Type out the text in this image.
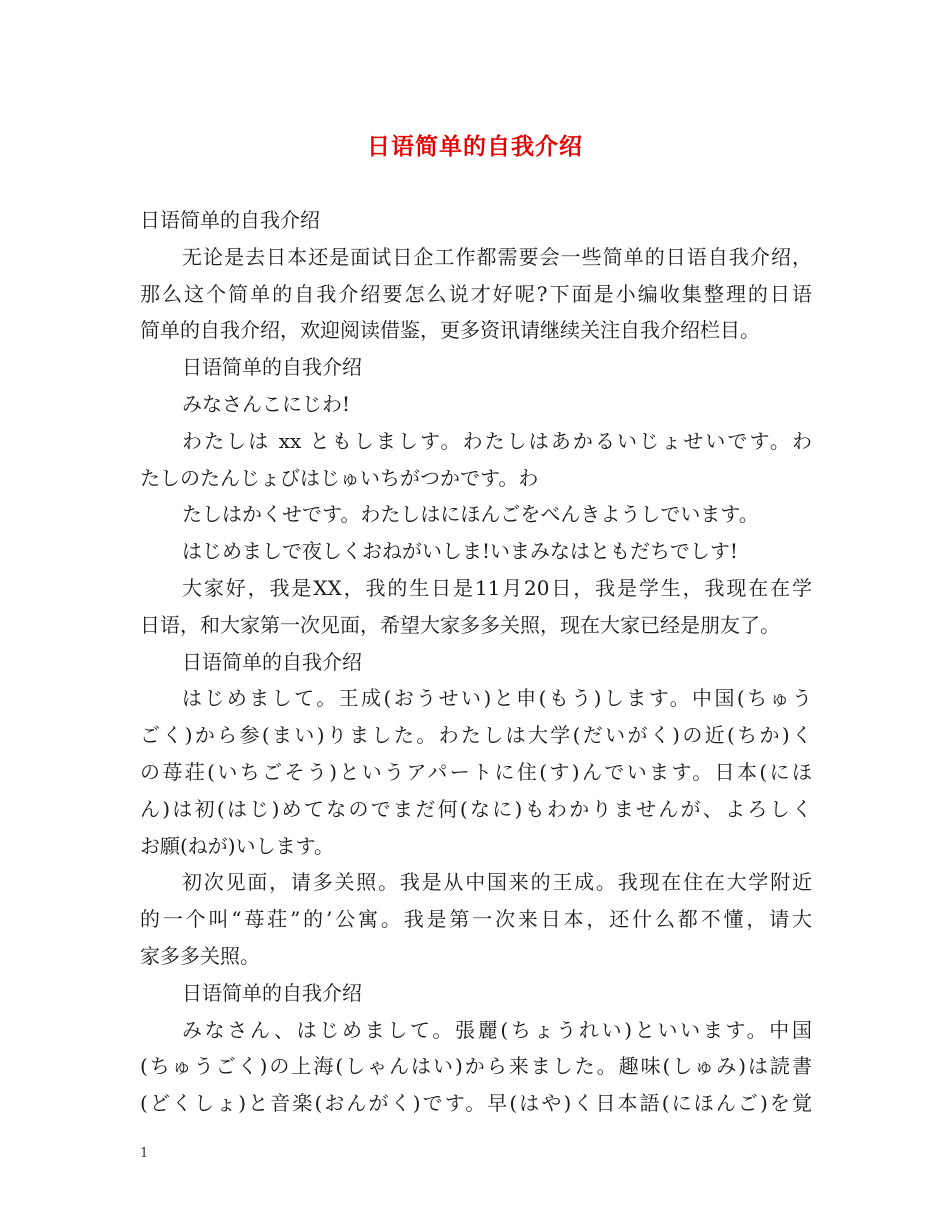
日语简单的自我介绍

日语简单的自我介绍

无论是去日本还是面试日企工作都需要会一些简单的日语自我介绍，

那么这个简单的自我介绍要怎么说才好呢?下面是小编收集整理的日语

简单的自我介绍，欢迎阅读借鉴，更多资讯请继续关注自我介绍栏目。

日语简单的自我介绍

みなさんこにじわ!

わたしは xx ともしましす。わたしはあかるいじょせいです。わ

たしのたんじょびはじゅいちがつかです。わ

たしはかくせです。わたしはにほんごをべんきようしでいます。

はじめましで夜しくおねがいしま!いまみなはともだちでしす!

大家好，我是XX，我的生日是11月20日，我是学生，我现在在学

日语，和大家第一次见面，希望大家多多关照，现在大家已经是朋友了。

日语简单的自我介绍

はじめまして。王成(おうせい)と申(もう)します。中国(ちゅう

ごく)から参(まい)りました。わたしは大学(だいがく)の近(ちか)く

の苺荘(いちごそう)というアパートに住(す)んでいます。日本(にほ

ん)は初(はじ)めてなのでまだ何(なに)もわかりませんが、よろしく

お願(ねが)いします。

初次见面，请多关照。我是从中国来的王成。我现在住在大学附近

的一个叫“苺荘”的’公寓。我是第一次来日本，还什么都不懂，请大

家多多关照。

日语简单的自我介绍

みなさん、はじめまして。張麗(ちょうれい)といいます。中国

(ちゅうごく)の上海(しゃんはい)から来ました。趣味(しゅみ)は読書

(どくしょ)と音楽(おんがく)です。早(はや)く日本語(にほんご)を覚

1
